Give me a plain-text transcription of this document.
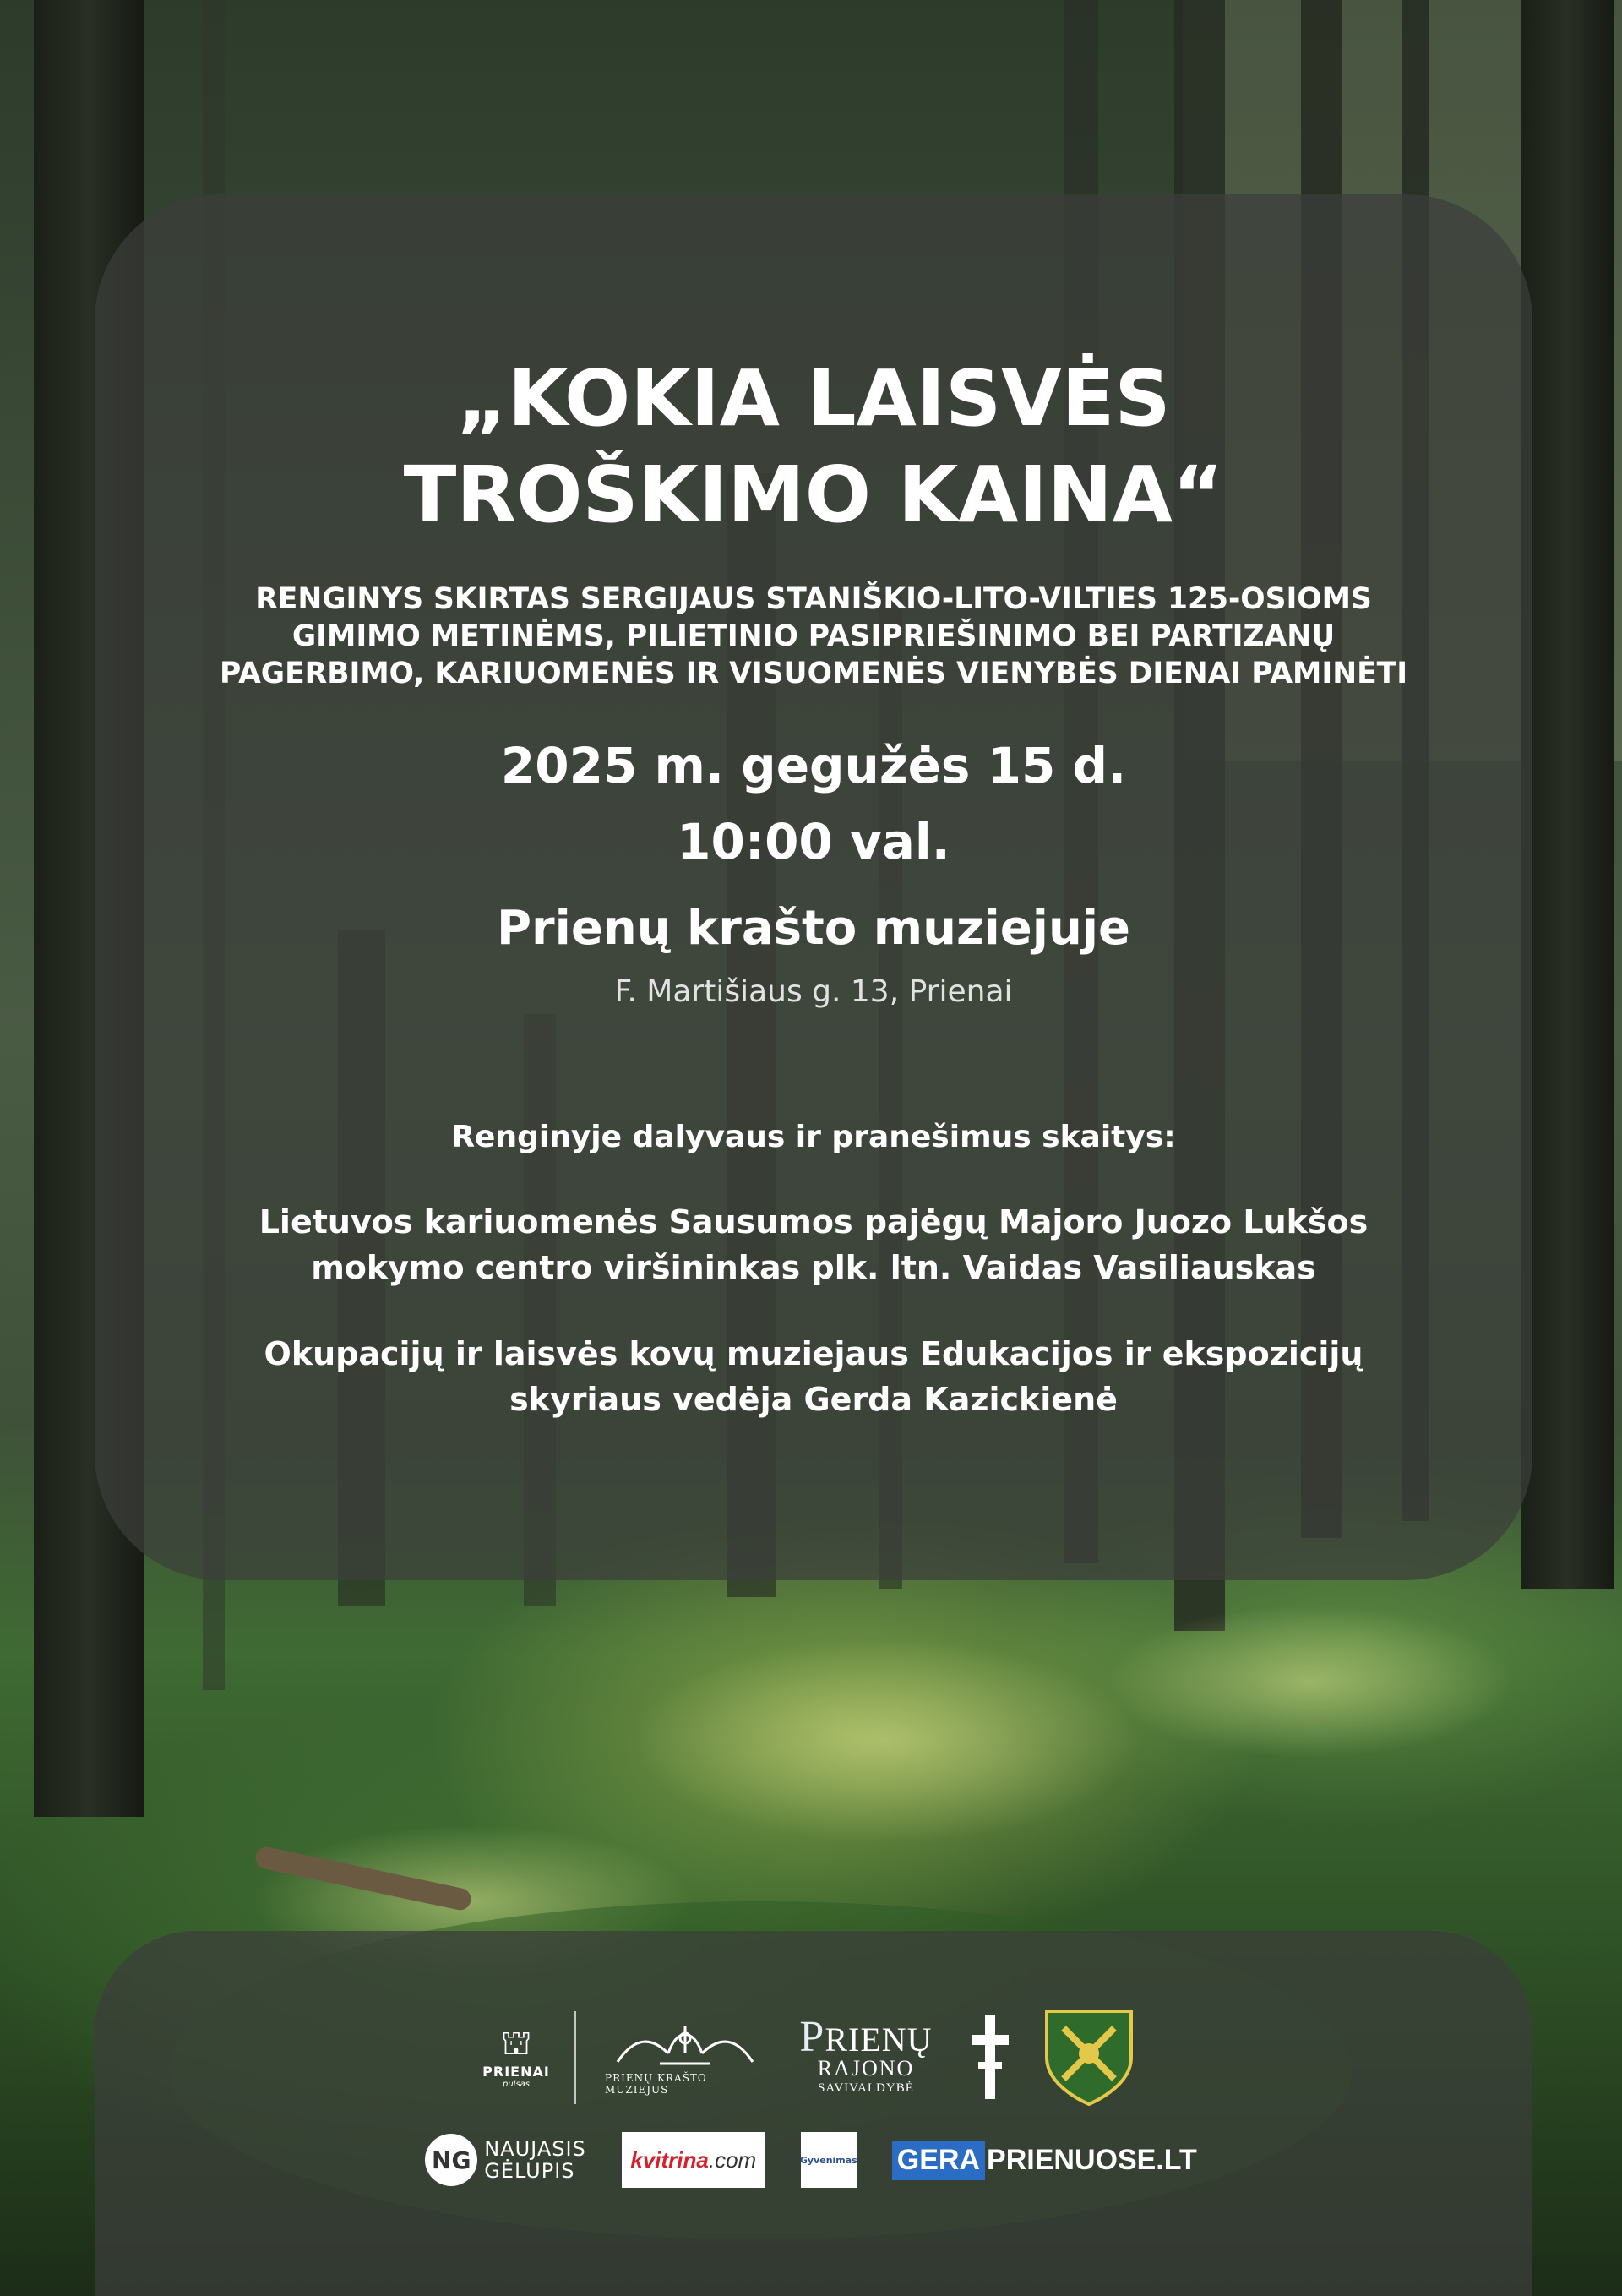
„KOKIA LAISVĖS
TROŠKIMO KAINA“
RENGINYS SKIRTAS SERGIJAUS STANIŠKIO-LITO-VILTIES 125-OSIOMS
GIMIMO METINĖMS, PILIETINIO PASIPRIEŠINIMO BEI PARTIZANŲ
PAGERBIMO, KARIUOMENĖS IR VISUOMENĖS VIENYBĖS DIENAI PAMINĖTI
2025 m. gegužės 15 d.
10:00 val.
Prienų krašto muziejuje
F. Martišiaus g. 13, Prienai
Renginyje dalyvaus ir pranešimus skaitys:
Lietuvos kariuomenės Sausumos pajėgų Majoro Juozo Lukšos
mokymo centro viršininkas plk. ltn. Vaidas Vasiliauskas
Okupacijų ir laisvės kovų muziejaus Edukacijos ir ekspozicijų
skyriaus vedėja Gerda Kazickienė
⛫
PRIENAI
pulsas
PRIENŲ KRAŠTO MUZIEJUS
PRIENŲ
RAJONO
SAVIVALDYBĖ
NG NAUJASIS
GĖLUPIS	kvitrina.com	Gyvenimas GERA PRIENUOSE.LT
